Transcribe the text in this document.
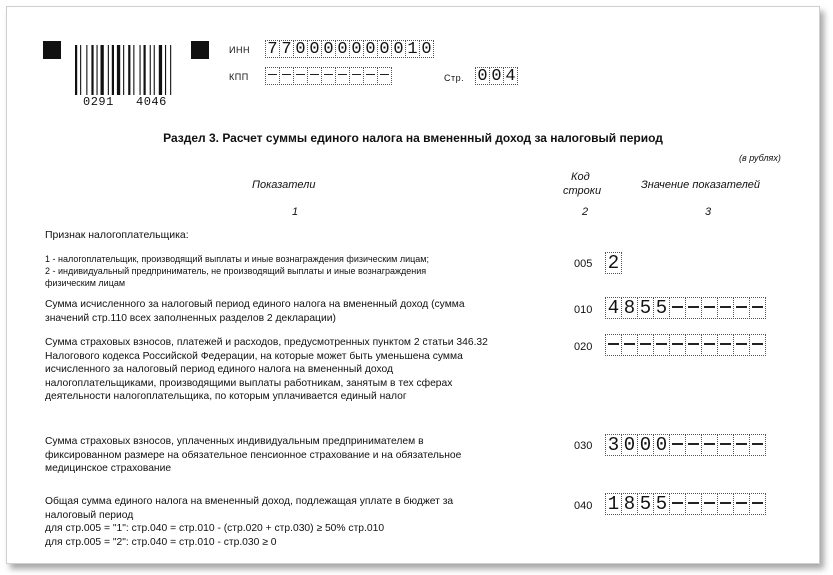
0291 4046
ИНН 7 7 0 0 0 0 0 0 0 0 1 0
КПП	Стр. 0 0 4
Раздел 3. Расчет суммы единого налога на вмененный доход за налоговый период
(в рублях)
Показатели
Код
строки	Значение показателей
1	2	3
Признак налогоплательщика:
1 - налогоплательщик, производящий выплаты и иные вознаграждения физическим лицам;
2 - индивидуальный предприниматель, не производящий выплаты и иные вознаграждения
физическим лицам
005 2
Сумма исчисленного за налоговый период единого налога на вмененный доход (сумма
значений стр.110 всех заполненных разделов 2 декларации)
010 4 8 5 5
Сумма страховых взносов, платежей и расходов, предусмотренных пунктом 2 статьи 346.32
Налогового кодекса Российской Федерации, на которые может быть уменьшена сумма
исчисленного за налоговый период единого налога на вмененный доход
налогоплательщиками, производящими выплаты работникам, занятым в тех сферах
деятельности налогоплательщика, по которым уплачивается единый налог
020
Сумма страховых взносов, уплаченных индивидуальным предпринимателем в
фиксированном размере на обязательное пенсионное страхование и на обязательное
медицинское страхование
030 3 0 0 0
Общая сумма единого налога на вмененный доход, подлежащая уплате в бюджет за
налоговый период
для стр.005 = "1": стр.040 = стр.010 - (стр.020 + стр.030) ≥ 50% стр.010
для стр.005 = "2": стр.040 = стр.010 - стр.030 ≥ 0
040 1 8 5 5
